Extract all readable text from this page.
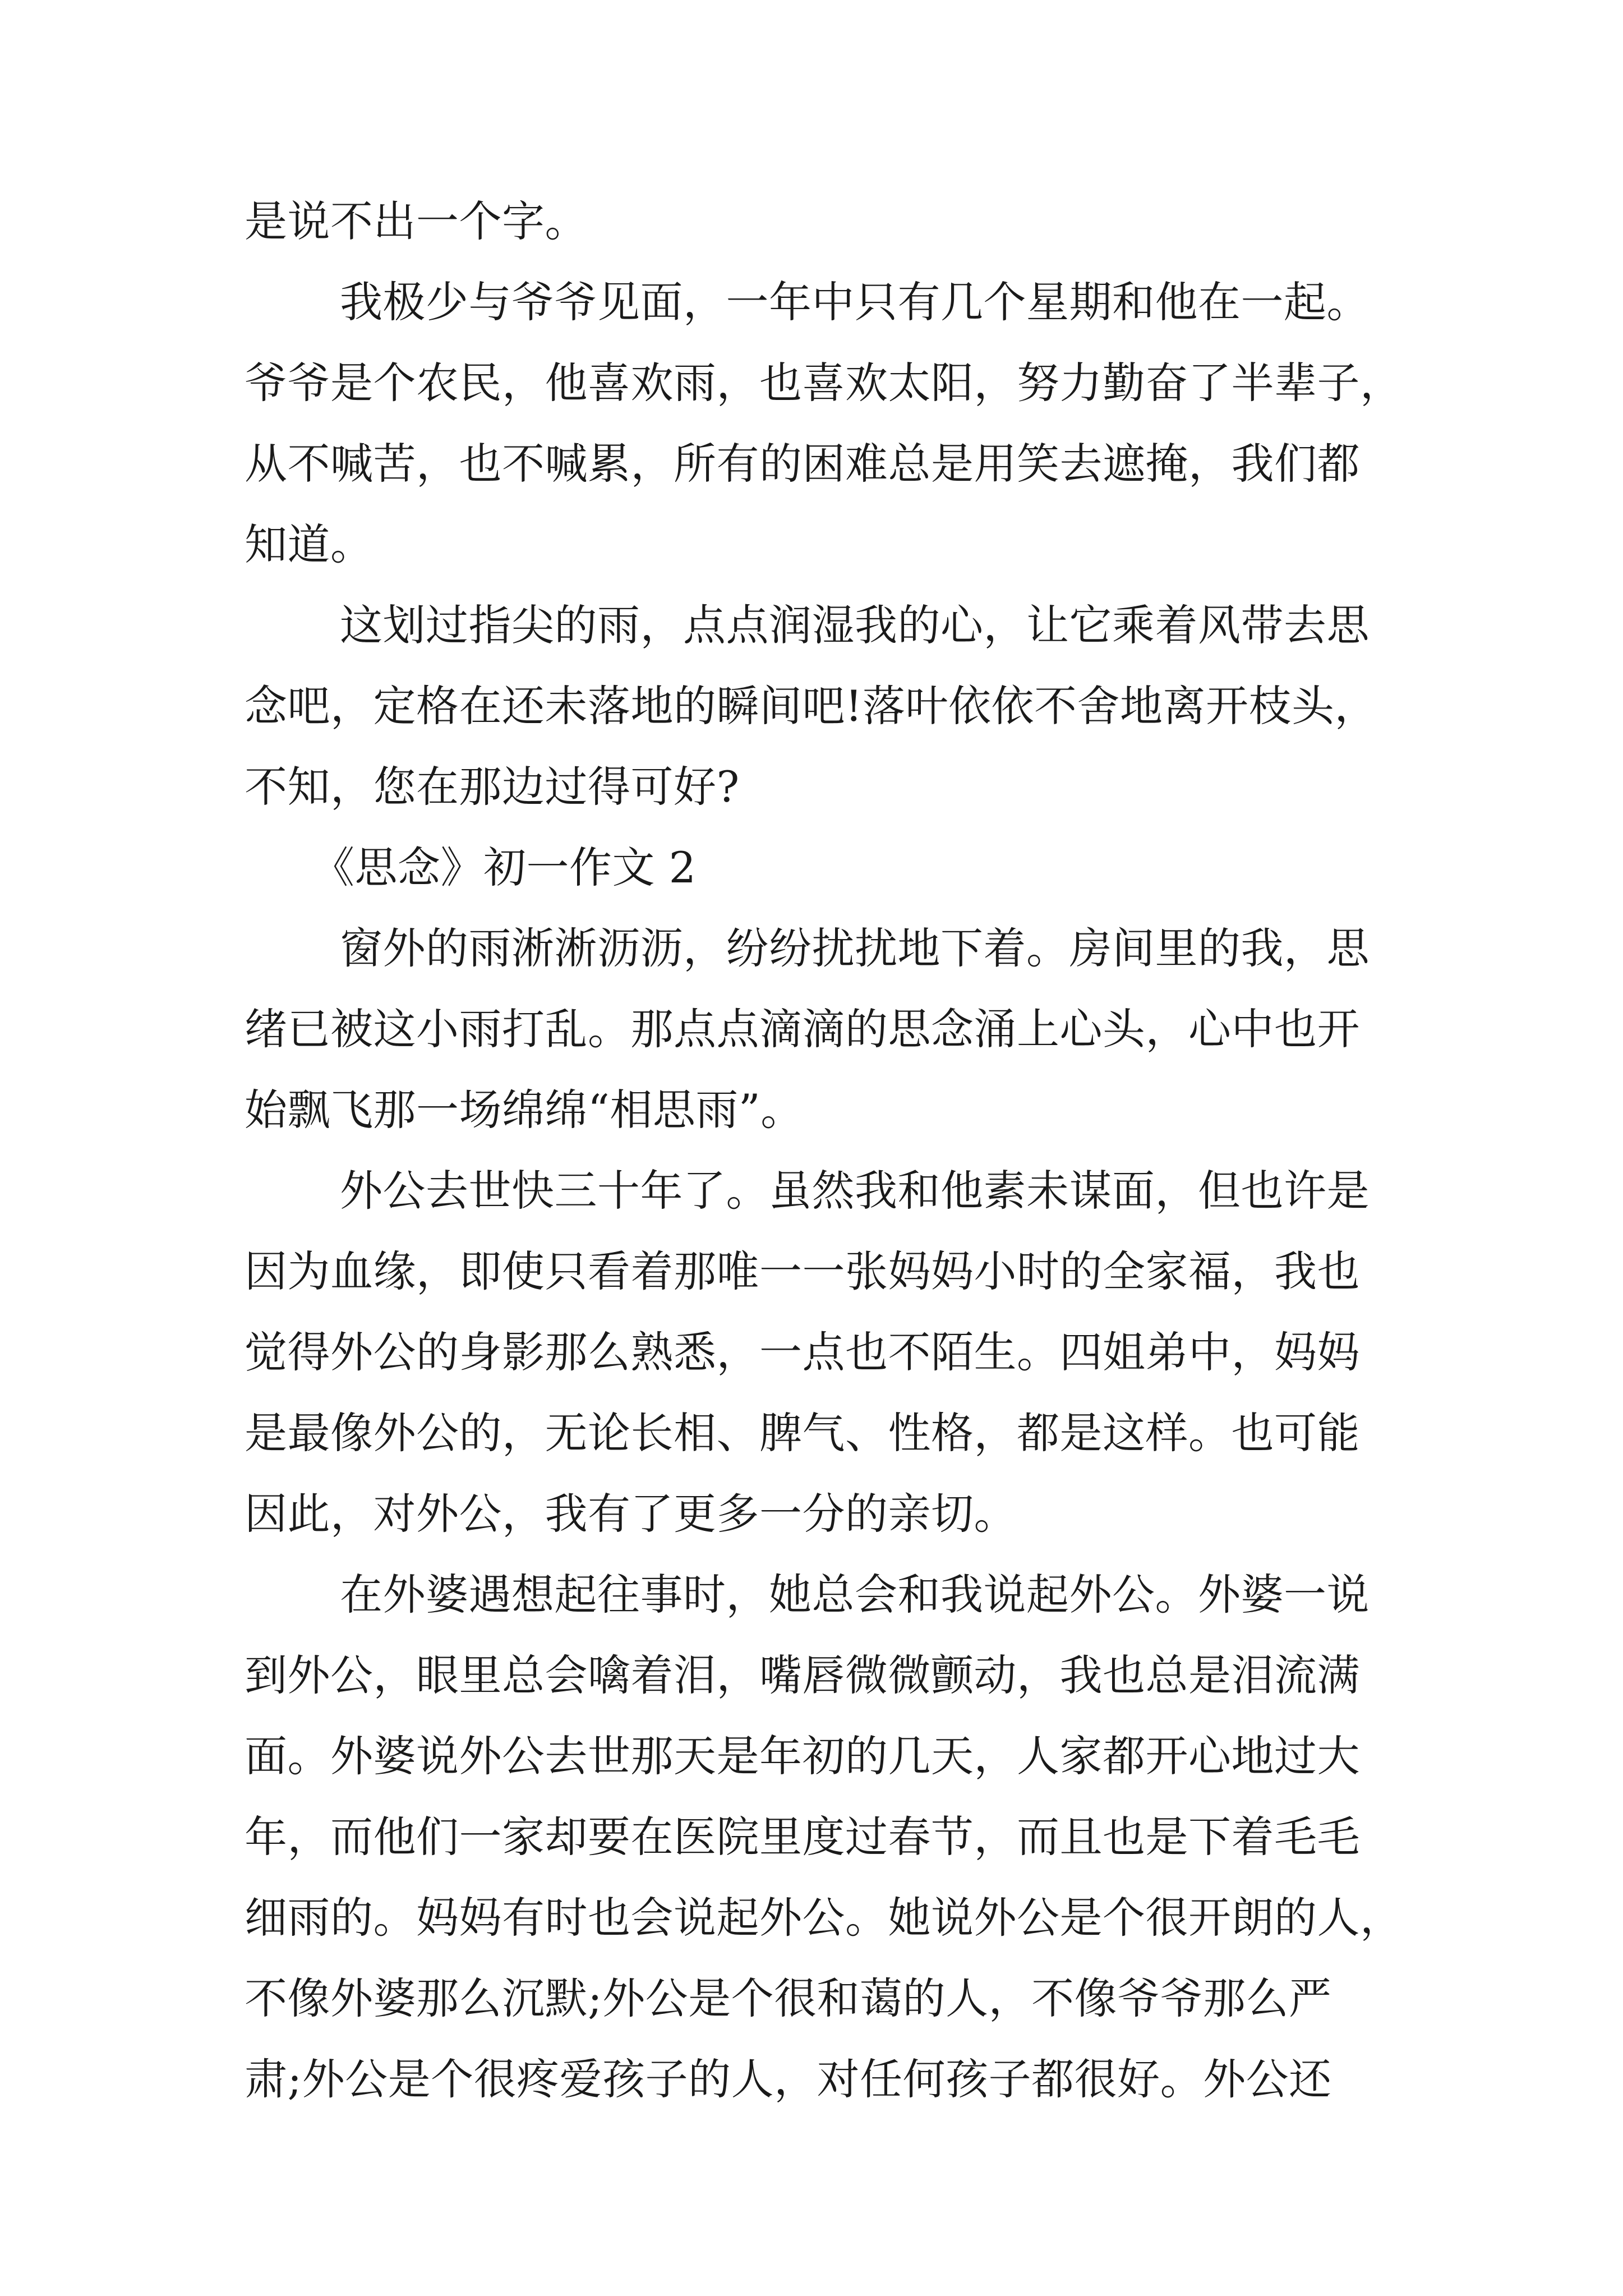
是说不出一个字。
我极少与爷爷见面，一年中只有几个星期和他在一起。
爷爷是个农民，他喜欢雨，也喜欢太阳，努力勤奋了半辈子，
从不喊苦，也不喊累，所有的困难总是用笑去遮掩，我们都
知道。
这划过指尖的雨，点点润湿我的心，让它乘着风带去思
念吧，定格在还未落地的瞬间吧!落叶依依不舍地离开枝头，
不知，您在那边过得可好?
《思念》初一作文 2
窗外的雨淅淅沥沥，纷纷扰扰地下着。房间里的我，思
绪已被这小雨打乱。那点点滴滴的思念涌上心头，心中也开
始飘飞那一场绵绵“相思雨”。
外公去世快三十年了。虽然我和他素未谋面，但也许是
因为血缘，即使只看着那唯一一张妈妈小时的全家福，我也
觉得外公的身影那么熟悉，一点也不陌生。四姐弟中，妈妈
是最像外公的，无论长相、脾气、性格，都是这样。也可能
因此，对外公，我有了更多一分的亲切。
在外婆遇想起往事时，她总会和我说起外公。外婆一说
到外公，眼里总会噙着泪，嘴唇微微颤动，我也总是泪流满
面。外婆说外公去世那天是年初的几天，人家都开心地过大
年，而他们一家却要在医院里度过春节，而且也是下着毛毛
细雨的。妈妈有时也会说起外公。她说外公是个很开朗的人，
不像外婆那么沉默;外公是个很和蔼的人，不像爷爷那么严
肃;外公是个很疼爱孩子的人，对任何孩子都很好。外公还
